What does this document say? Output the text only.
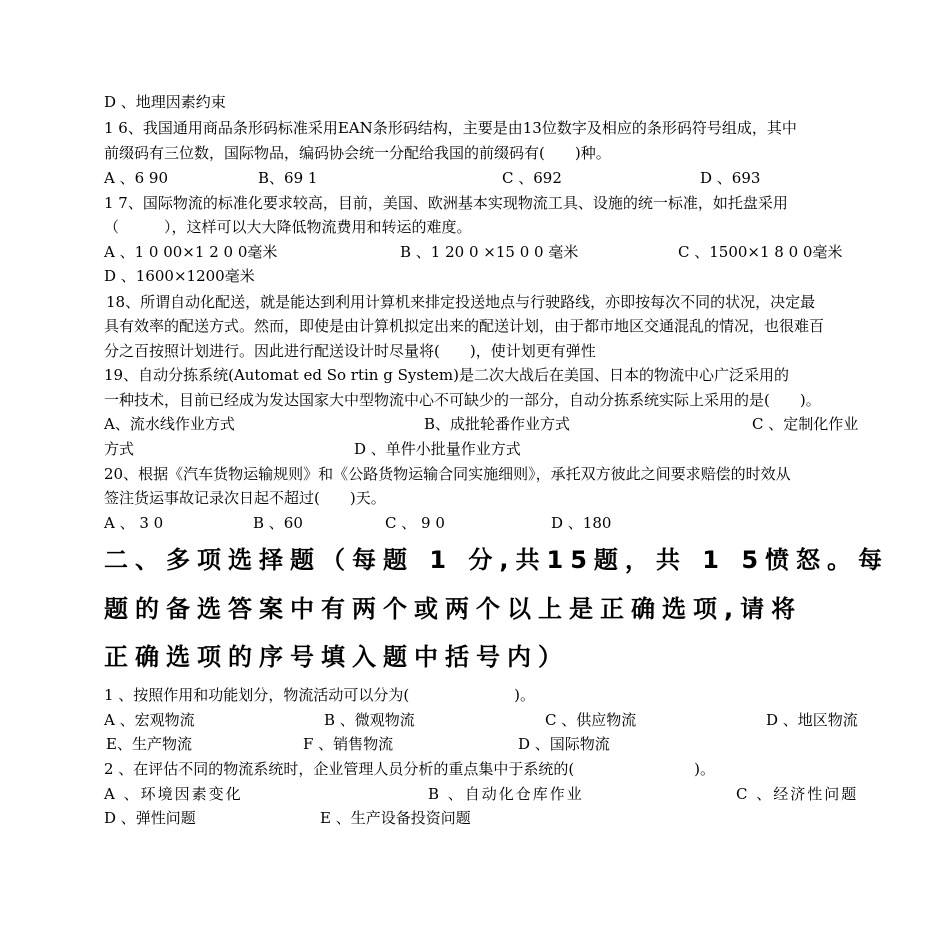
D 、地理因素约束
1 6、我国通用商品条形码标准采用EAN条形码结构，主要是由13位数字及相应的条形码符号组成，其中
前缀码有三位数，国际物品，编码协会统一分配给我国的前缀码有(　　)种。
A 、6 90	B、69 1	C 、692	D 、693
1 7、国际物流的标准化要求较高，目前，美国、欧洲基本实现物流工具、设施的统一标准，如托盘采用
（　　　），这样可以大大降低物流费用和转运的难度。
A 、1 0 00×1 2 0 0毫米	B 、1 20 0 ×15 0 0 毫米	C 、1500×1 8 0 0毫米
D 、1600×1200毫米
18、所谓自动化配送，就是能达到利用计算机来排定投送地点与行驶路线，亦即按每次不同的状况，决定最
具有效率的配送方式。然而，即使是由计算机拟定出来的配送计划，由于都市地区交通混乱的情况，也很难百
分之百按照计划进行。因此进行配送设计时尽量将(　　)，使计划更有弹性
19、自动分拣系统(Automat ed So rtin g System)是二次大战后在美国、日本的物流中心广泛采用的
一种技术，目前已经成为发达国家大中型物流中心不可缺少的一部分，自动分拣系统实际上采用的是(　　)。
A、流水线作业方式	B、成批轮番作业方式	C 、定制化作业
方式	D 、单件小批量作业方式
20、根据《汽车货物运输规则》和《公路货物运输合同实施细则》，承托双方彼此之间要求赔偿的时效从
签注货运事故记录次日起不超过(　　)天。
A 、 3 0	B 、60	C 、 9 0	D 、180
二、多项选择题（每题 1 分,共15题，共 1 5愤怒。每
题的备选答案中有两个或两个以上是正确选项,请将
正确选项的序号填入题中括号内）
1 、按照作用和功能划分，物流活动可以分为(　　　　　　　)。
A 、宏观物流	B 、微观物流	C 、供应物流	D 、地区物流
E、生产物流	F 、销售物流	D 、国际物流
2 、在评估不同的物流系统时，企业管理人员分析的重点集中于系统的(　　　　　　　　)。
A 、环境因素变化	B 、自动化仓库作业	C 、经济性问题
D 、弹性问题	E 、生产设备投资问题
